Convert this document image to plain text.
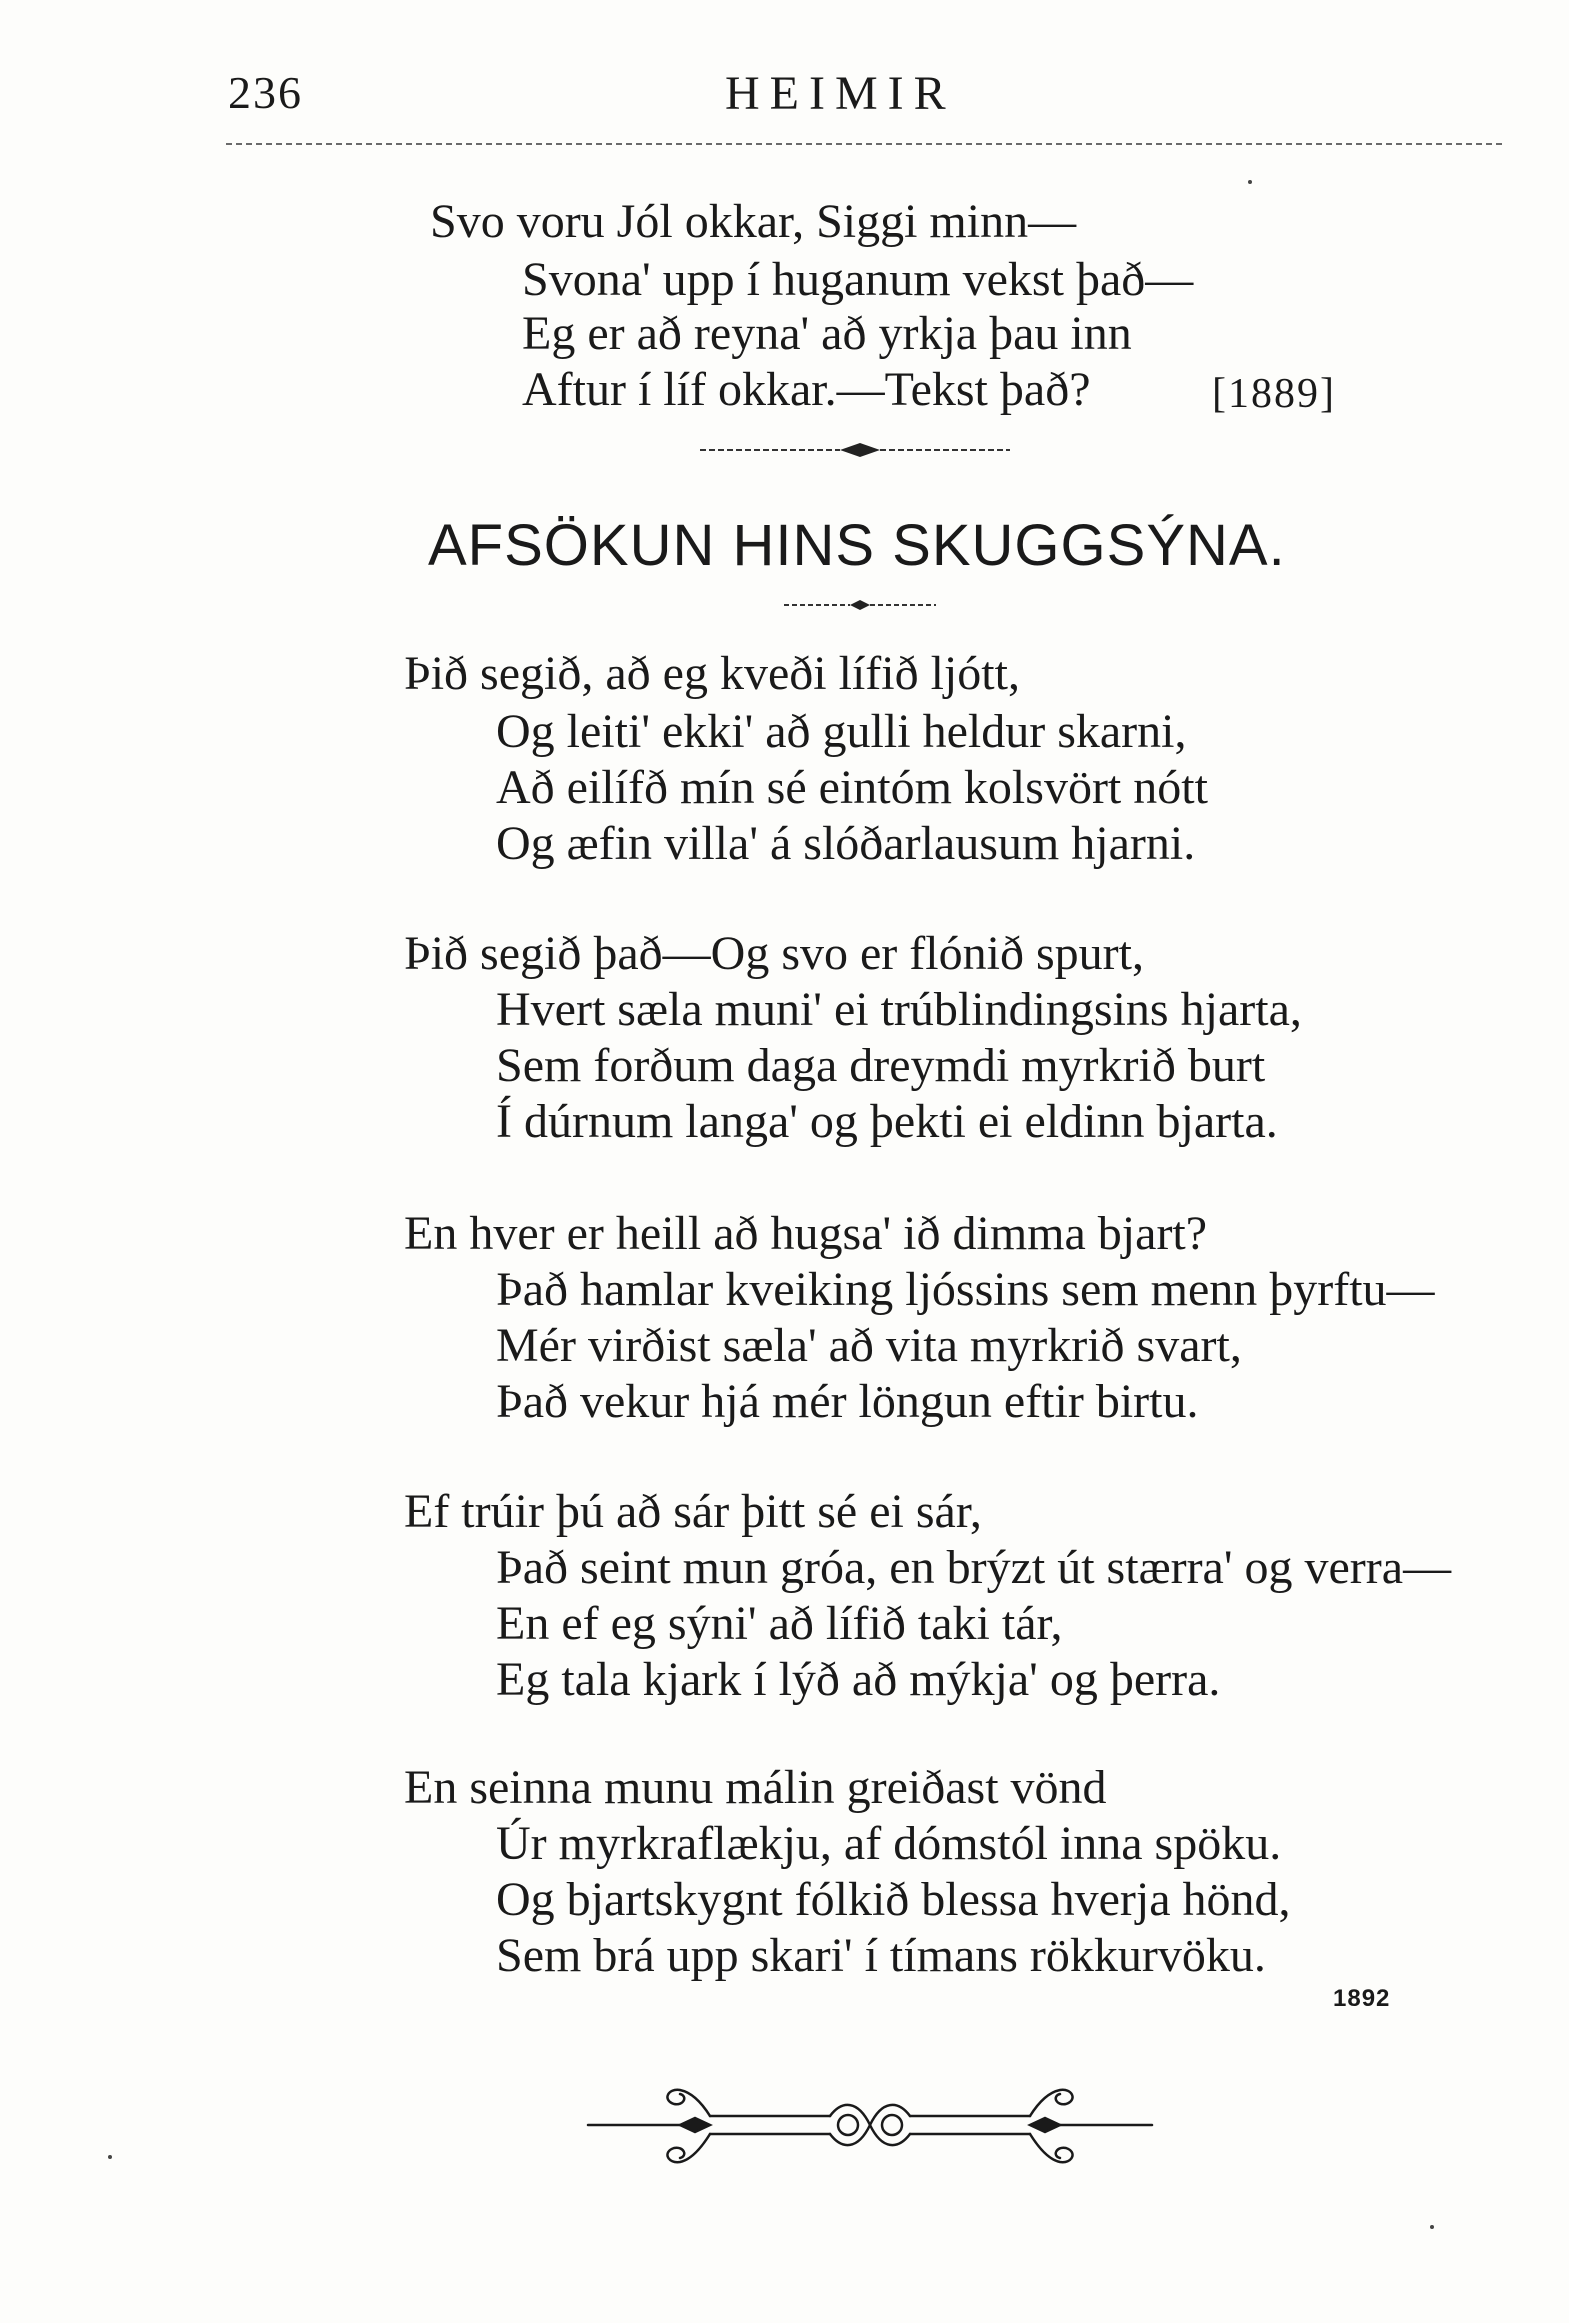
236	HEIMIR
Svo voru Jól okkar, Siggi minn—
Svona' upp í huganum vekst það—
Eg er að reyna' að yrkja þau inn
Aftur í líf okkar.—Tekst það?	[1889]
AFSÖKUN HINS SKUGGSÝNA.
Þið segið, að eg kveði lífið ljótt,
Og leiti' ekki' að gulli heldur skarni,
Að eilífð mín sé eintóm kolsvört nótt
Og æfin villa' á slóðarlausum hjarni.
Þið segið það—Og svo er flónið spurt,
Hvert sæla muni' ei trúblindingsins hjarta,
Sem forðum daga dreymdi myrkrið burt
Í dúrnum langa' og þekti ei eldinn bjarta.
En hver er heill að hugsa' ið dimma bjart?
Það hamlar kveiking ljóssins sem menn þyrftu—
Mér virðist sæla' að vita myrkrið svart,
Það vekur hjá mér löngun eftir birtu.
Ef trúir þú að sár þitt sé ei sár,
Það seint mun gróa, en brýzt út stærra' og verra—
En ef eg sýni' að lífið taki tár,
Eg tala kjark í lýð að mýkja' og þerra.
En seinna munu málin greiðast vönd
Úr myrkraflækju, af dómstól inna spöku.
Og bjartskygnt fólkið blessa hverja hönd,
Sem brá upp skari' í tímans rökkurvöku.
1892
